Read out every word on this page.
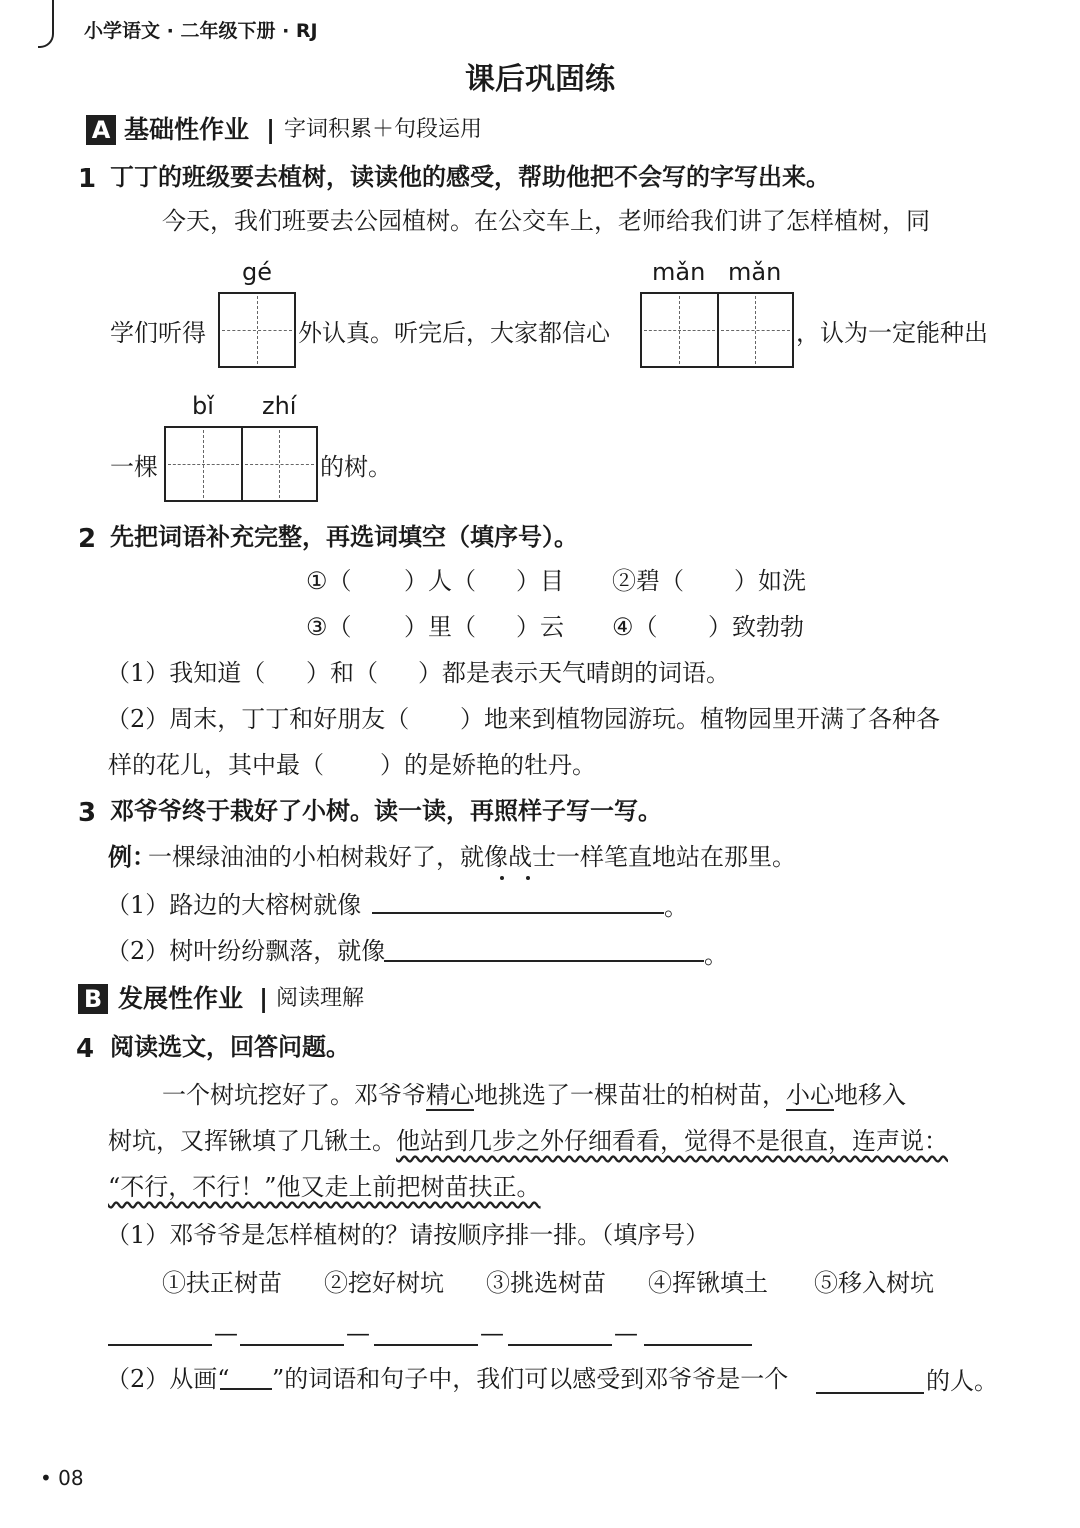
小学语文 · 二年级下册 · RJ
课后巩固练
A 基础性作业 | 字词积累＋句段运用
1 丁丁的班级要去植树，读读他的感受，帮助他把不会写的字写出来。
今天，我们班要去公园植树。在公交车上，老师给我们讲了怎样植树，同
gé	mǎn mǎn
学们听得	外认真。听完后，大家都信心	，认为一定能种出
bǐ zhí
一棵	的树。
2 先把词语补充完整，再选词填空（填序号）。
①（ ）人（ ）目 ②碧（ ）如洗
③（ ）里（ ）云 ④（ ）致勃勃
（1）我知道（ ）和（ ）都是表示天气晴朗的词语。
（2）周末，丁丁和好朋友（ ）地来到植物园游玩。植物园里开满了各种各
样的花儿，其中最（ ）的是娇艳的牡丹。
3 邓爷爷终于栽好了小树。读一读，再照样子写一写。
例：
一棵绿油油的小柏树栽好了，就像战士一样笔直地站在那里。
（1）路边的大榕树就像	。
（2）树叶纷纷飘落，就像	。
B 发展性作业 | 阅读理解
4 阅读选文，回答问题。
一个树坑挖好了。邓爷爷精心地挑选了一棵苗壮的柏树苗，小心地移入
树坑，又挥锹填了几锹土。他站到几步之外仔细看看，觉得不是很直，连声说：
“不行，不行！”他又走上前把树苗扶正。
（1）邓爷爷是怎样植树的？请按顺序排一排。（填序号）
①扶正树苗 ②挖好树坑 ③挑选树苗 ④挥锹填土 ⑤移入树坑
—	—	—	—
（2）从画“ ”的词语和句子中，我们可以感受到邓爷爷是一个	的人。
• 08
